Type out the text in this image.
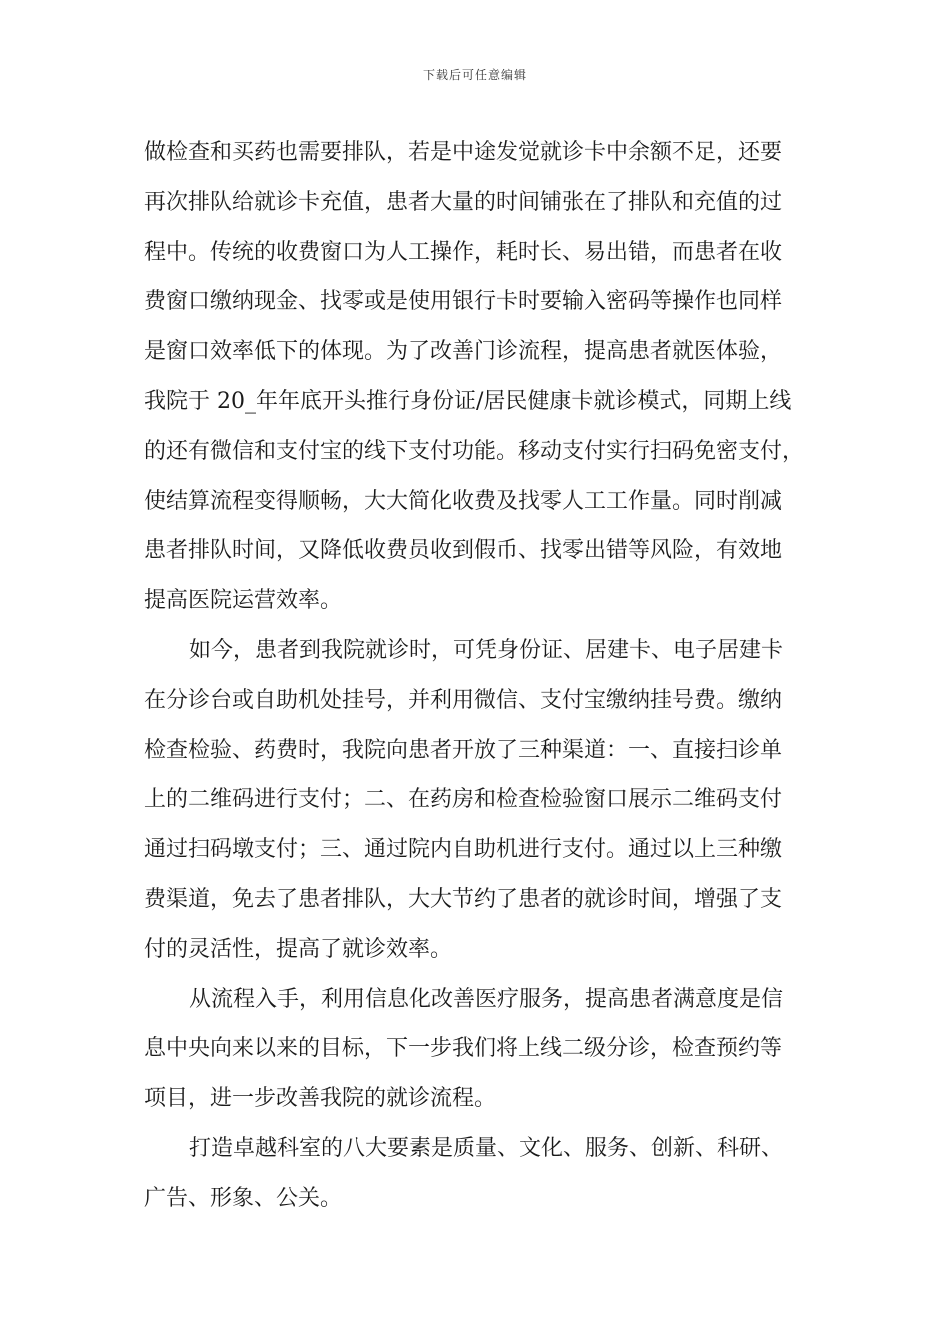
下载后可任意编辑
做检查和买药也需要排队，若是中途发觉就诊卡中余额不足，还要
再次排队给就诊卡充值，患者大量的时间铺张在了排队和充值的过
程中。传统的收费窗口为人工操作，耗时长、易出错，而患者在收
费窗口缴纳现金、找零或是使用银行卡时要输入密码等操作也同样
是窗口效率低下的体现。为了改善门诊流程，提高患者就医体验，
我院于 20_年年底开头推行身份证/居民健康卡就诊模式，同期上线
的还有微信和支付宝的线下支付功能。移动支付实行扫码免密支付，
使结算流程变得顺畅，大大简化收费及找零人工工作量。同时削减
患者排队时间，又降低收费员收到假币、找零出错等风险，有效地
提高医院运营效率。
如今，患者到我院就诊时，可凭身份证、居建卡、电子居建卡
在分诊台或自助机处挂号，并利用微信、支付宝缴纳挂号费。缴纳
检查检验、药费时，我院向患者开放了三种渠道：一、直接扫诊单
上的二维码进行支付；二、在药房和检查检验窗口展示二维码支付
通过扫码墩支付；三、通过院内自助机进行支付。通过以上三种缴
费渠道，免去了患者排队，大大节约了患者的就诊时间，增强了支
付的灵活性，提高了就诊效率。
从流程入手，利用信息化改善医疗服务，提高患者满意度是信
息中央向来以来的目标，下一步我们将上线二级分诊，检查预约等
项目，进一步改善我院的就诊流程。
打造卓越科室的八大要素是质量、文化、服务、创新、科研、
广告、形象、公关。
